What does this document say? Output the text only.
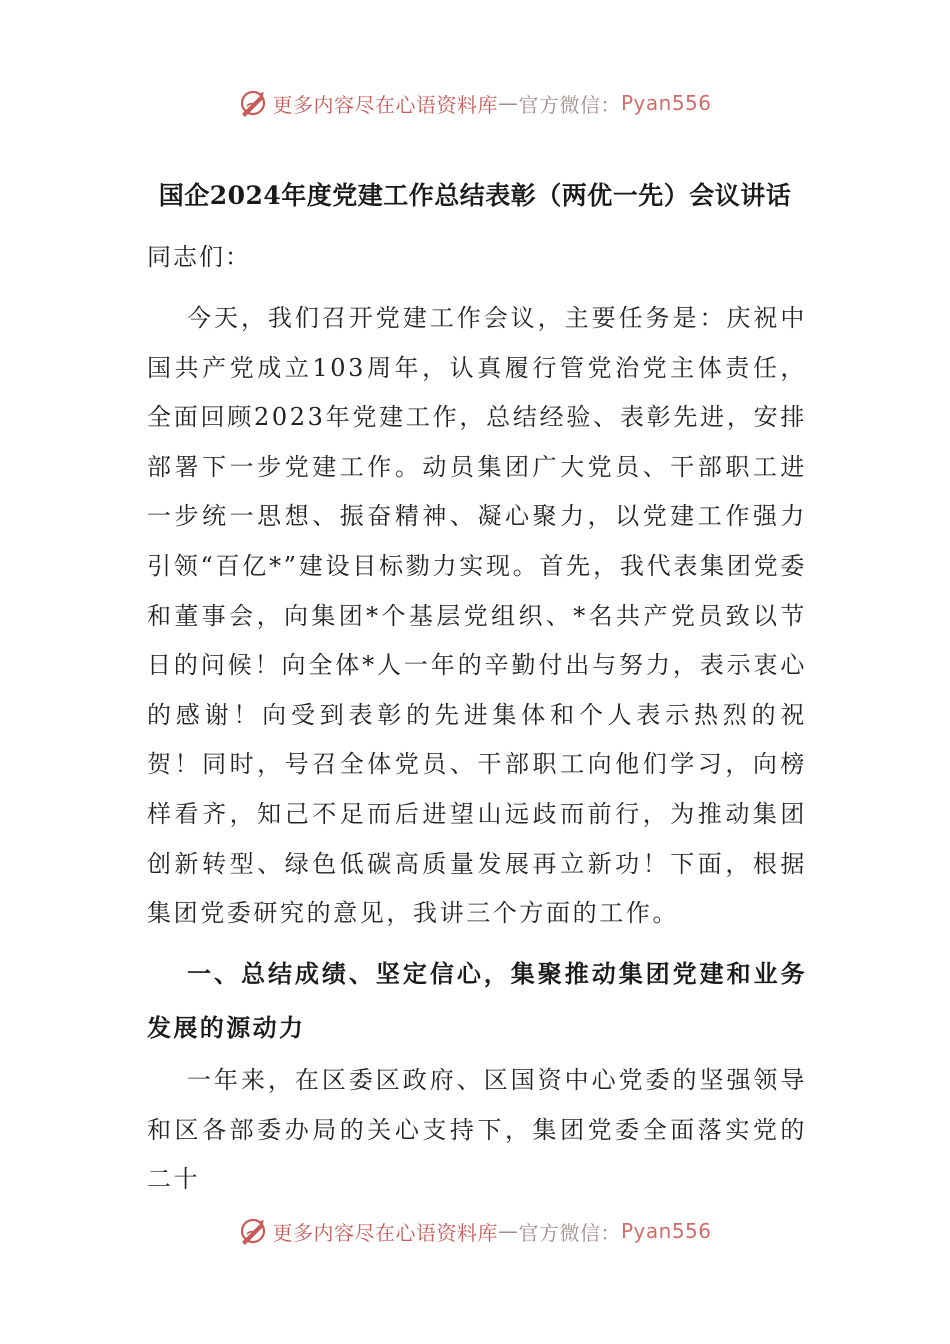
更多内容尽在心语资料库 — 官方微信： Pyan556
国企2024年度党建工作总结表彰（两优一先）会议讲话
同志们：

今天，我们召开党建工作会议，主要任务是：庆祝中国共产党成立103周年，认真履行管党治党主体责任，全面回顾2023年党建工作，总结经验、表彰先进，安排部署下一步党建工作。动员集团广大党员、干部职工进一步统一思想、振奋精神、凝心聚力，以党建工作强力引领“百亿*”建设目标勠力实现。首先，我代表集团党委和董事会，向集团*个基层党组织、*名共产党员致以节日的问候！向全体*人一年的辛勤付出与努力，表示衷心的感谢！向受到表彰的先进集体和个人表示热烈的祝贺！同时，号召全体党员、干部职工向他们学习，向榜样看齐，知己不足而后进望山远歧而前行，为推动集团创新转型、绿色低碳高质量发展再立新功！下面，根据集团党委研究的意见，我讲三个方面的工作。

一、总结成绩、坚定信心，集聚推动集团党建和业务发展的源动力

一年来，在区委区政府、区国资中心党委的坚强领导和区各部委办局的关心支持下，集团党委全面落实党的二十

更多内容尽在心语资料库 — 官方微信： Pyan556
